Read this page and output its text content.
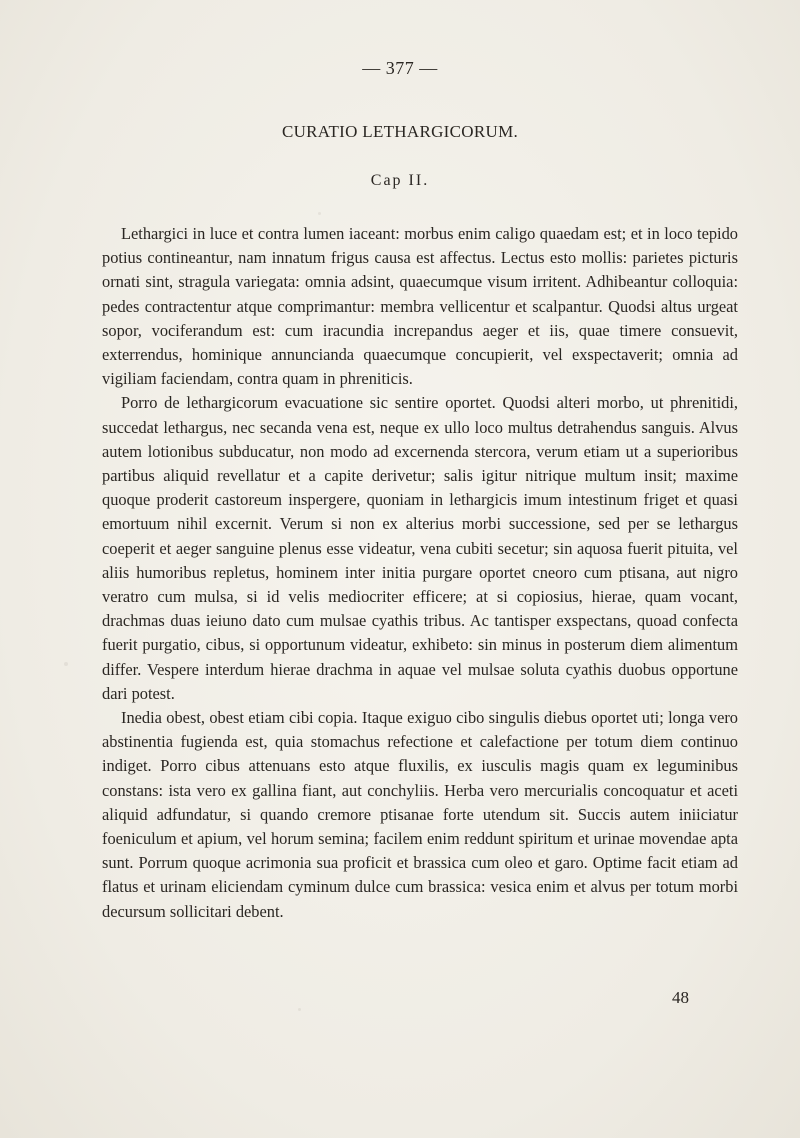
— 377 —
CURATIO LETHARGICORUM.
Cap II.

Lethargici in luce et contra lumen iaceant: morbus enim caligo quaedam est; et in loco tepido potius contineantur, nam innatum frigus causa est affectus. Lectus esto mollis: parietes picturis ornati sint, stragula variegata: omnia adsint, quaecumque visum irritent. Adhibeantur colloquia: pedes contractentur atque comprimantur: membra vellicentur et scalpantur. Quodsi altus urgeat sopor, vociferandum est: cum iracundia increpandus aeger et iis, quae timere consuevit, exterrendus, hominique annuncianda quaecumque concupierit, vel exspectaverit; omnia ad vigiliam faciendam, contra quam in phreniticis.

Porro de lethargicorum evacuatione sic sentire oportet. Quodsi alteri morbo, ut phrenitidi, succedat lethargus, nec secanda vena est, neque ex ullo loco multus detrahendus sanguis. Alvus autem lotionibus subducatur, non modo ad excernenda stercora, verum etiam ut a superioribus partibus aliquid revellatur et a capite derivetur; salis igitur nitrique multum insit; maxime quoque proderit castoreum inspergere, quoniam in lethargicis imum intestinum friget et quasi emortuum nihil excernit. Verum si non ex alterius morbi successione, sed per se lethargus coeperit et aeger sanguine plenus esse videatur, vena cubiti secetur; sin aquosa fuerit pituita, vel aliis humoribus repletus, hominem inter initia purgare oportet cneoro cum ptisana, aut nigro veratro cum mulsa, si id velis mediocriter efficere; at si copiosius, hierae, quam vocant, drachmas duas ieiuno dato cum mulsae cyathis tribus. Ac tantisper exspectans, quoad confecta fuerit purgatio, cibus, si opportunum videatur, exhibeto: sin minus in posterum diem alimentum differ. Vespere interdum hierae drachma in aquae vel mulsae soluta cyathis duobus opportune dari potest.

Inedia obest, obest etiam cibi copia. Itaque exiguo cibo singulis diebus oportet uti; longa vero abstinentia fugienda est, quia stomachus refectione et calefactione per totum diem continuo indiget. Porro cibus attenuans esto atque fluxilis, ex iusculis magis quam ex leguminibus constans: ista vero ex gallina fiant, aut conchyliis. Herba vero mercurialis concoquatur et aceti aliquid adfundatur, si quando cremore ptisanae forte utendum sit. Succis autem iniiciatur foeniculum et apium, vel horum semina; facilem enim reddunt spiritum et urinae movendae apta sunt. Porrum quoque acrimonia sua proficit et brassica cum oleo et garo. Optime facit etiam ad flatus et urinam eliciendam cyminum dulce cum brassica: vesica enim et alvus per totum morbi decursum sollicitari debent.

48
